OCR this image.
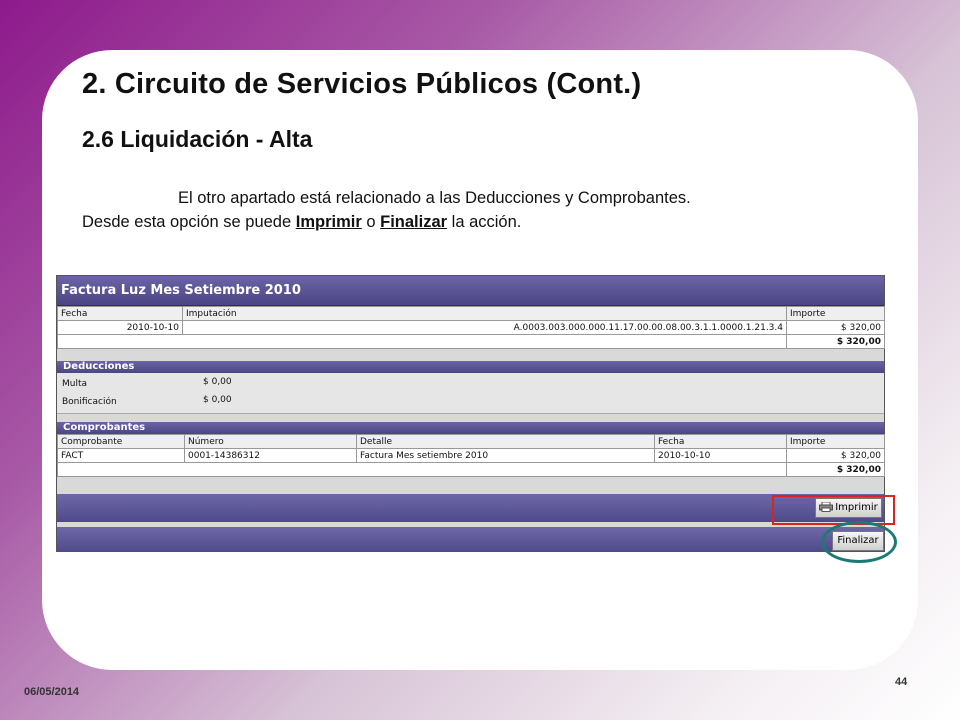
2. Circuito de Servicios Públicos (Cont.)
2.6 Liquidación - Alta
El otro apartado está relacionado a las Deducciones y Comprobantes.
Desde esta opción se puede Imprimir o Finalizar la acción.
Factura Luz Mes Setiembre 2010
Fecha	Imputación	Importe
2010-10-10	A.0003.003.000.000.11.17.00.00.08.00.3.1.1.0000.1.21.3.4	$ 320,00
		$ 320,00
Deducciones
Multa	$ 0,00
Bonificación	$ 0,00
Comprobantes
Comprobante	Número	Detalle	Fecha	Importe
FACT	0001-14386312	Factura Mes setiembre 2010	2010-10-10	$ 320,00
				$ 320,00
Imprimir
Finalizar
06/05/2014
44
